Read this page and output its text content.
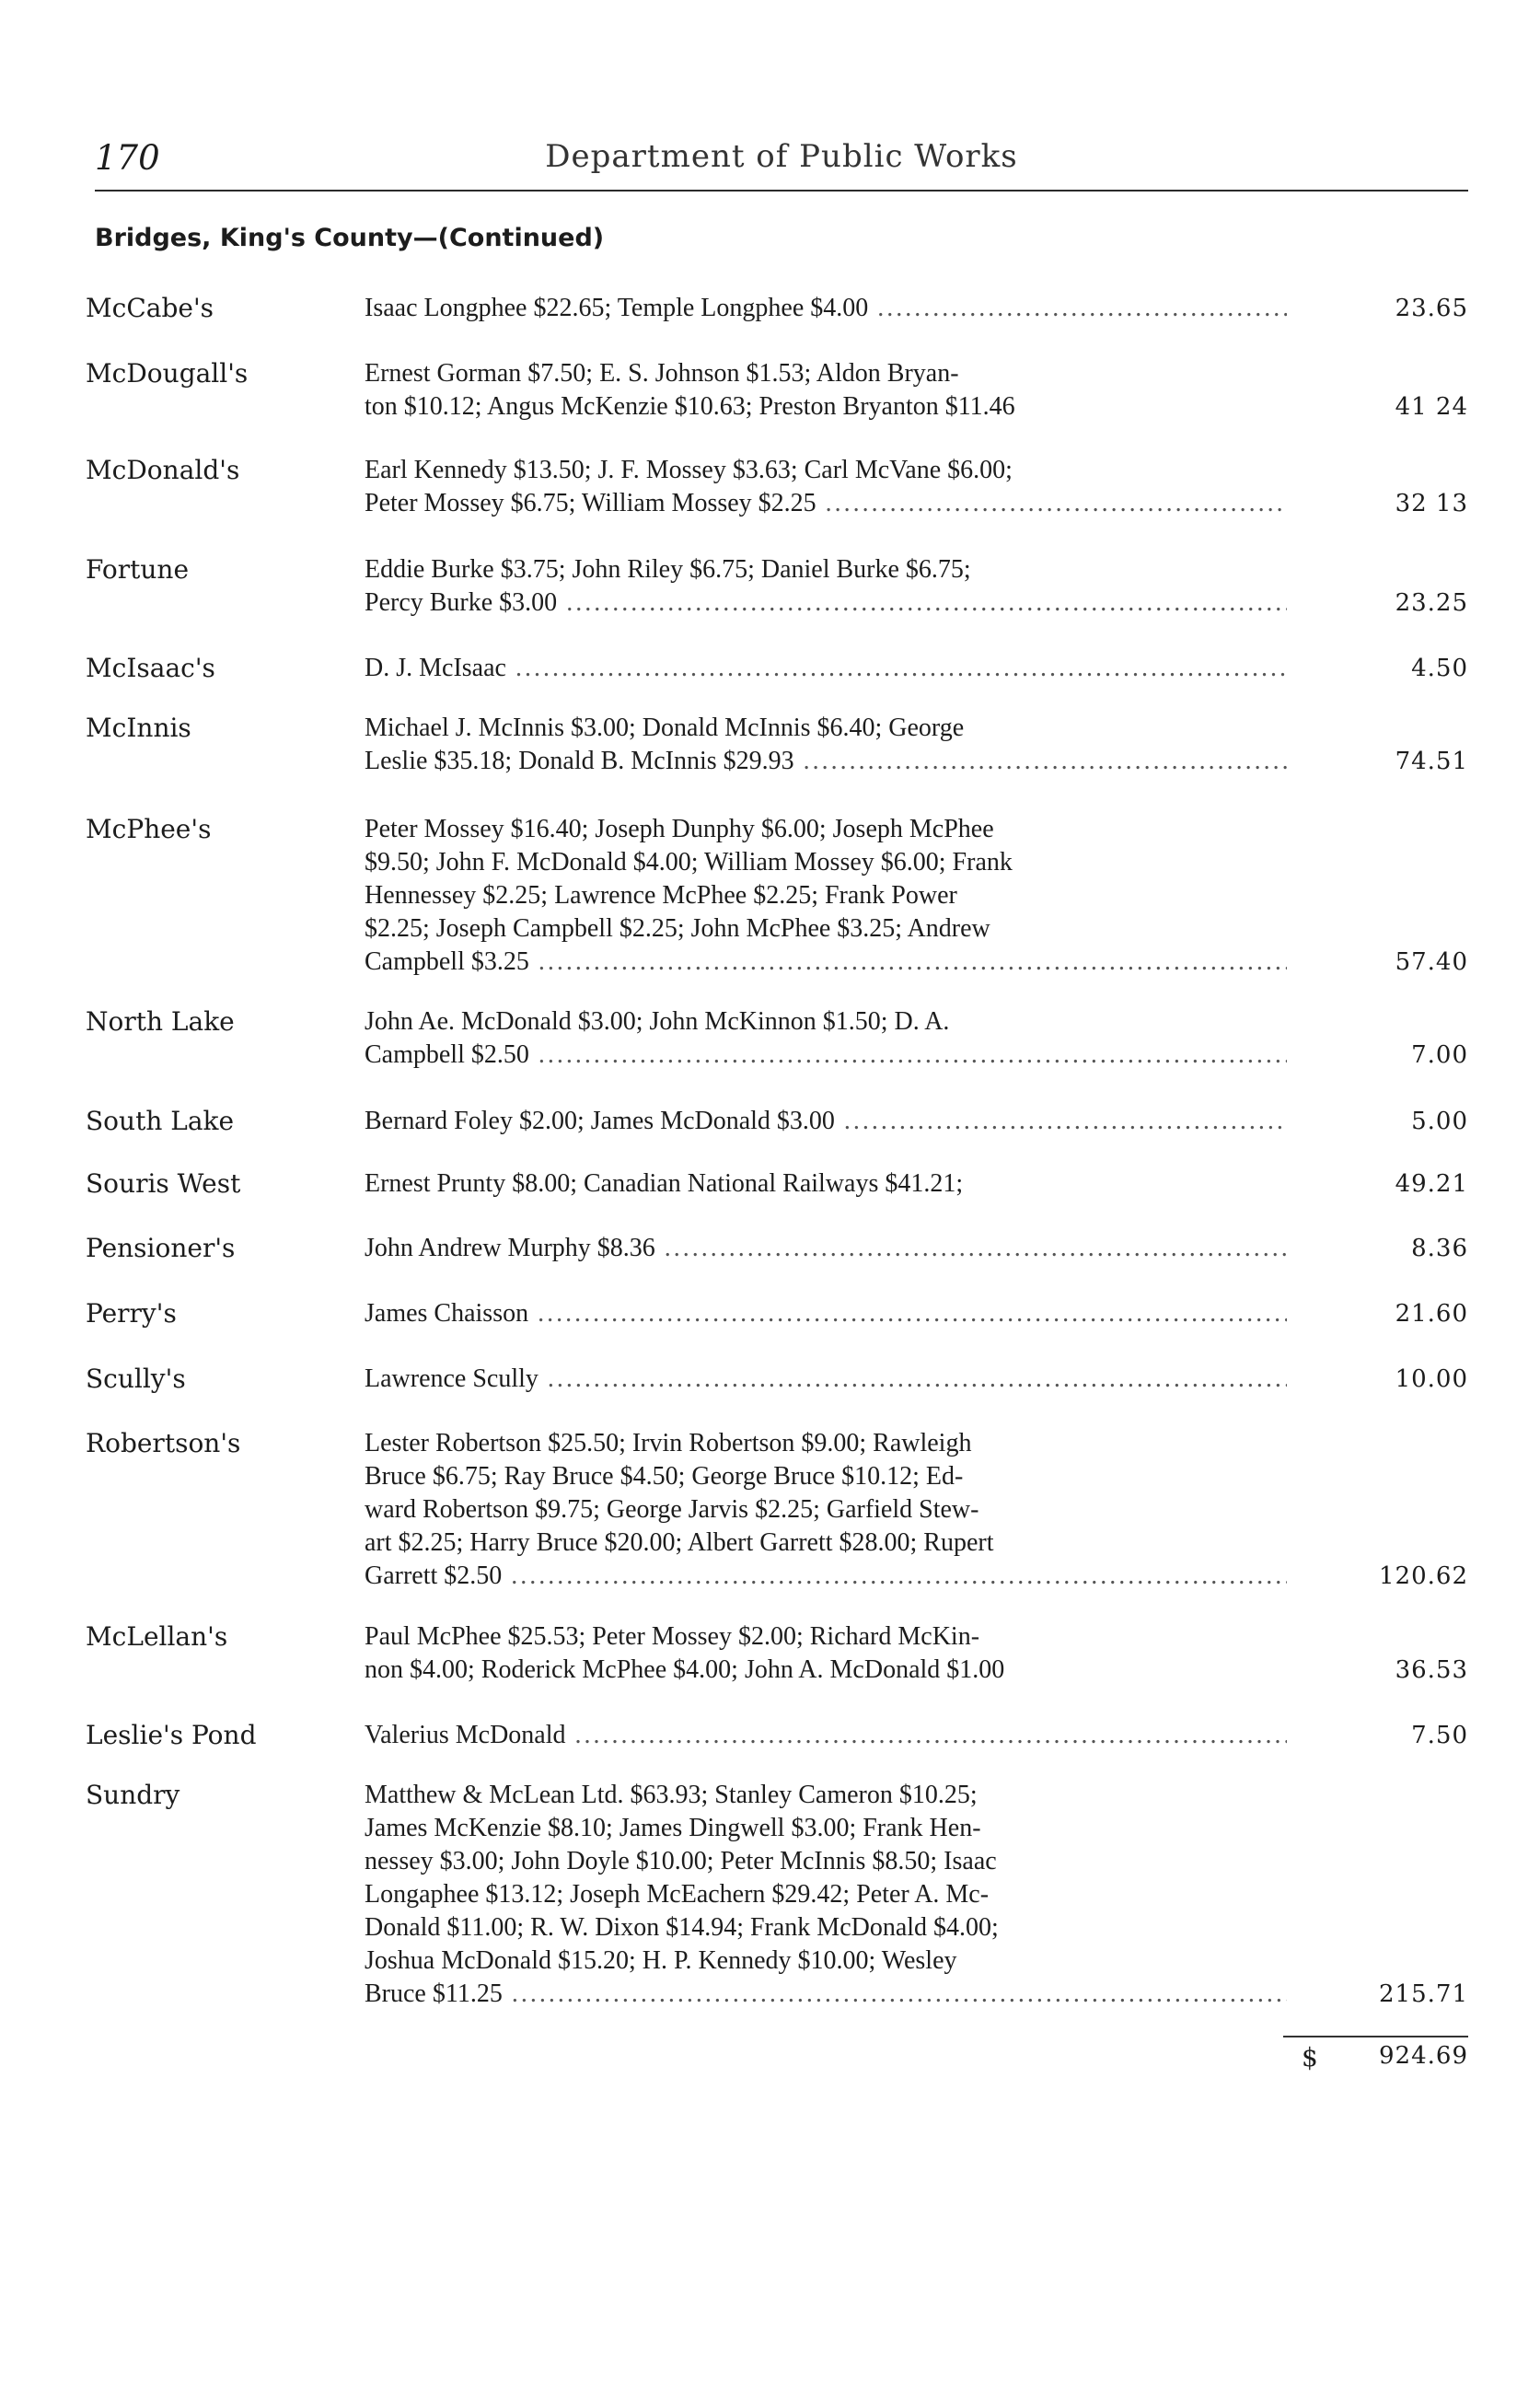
170	Department of Public Works
Bridges, King's County—(Continued)
McCabe's	Isaac Longphee $22.65; Temple Longphee $4.00 .....	23.65
McDougall's	Ernest Gorman $7.50; E. S. Johnson $1.53; Aldon Bryan-
ton $10.12; Angus McKenzie $10.63; Preston Bryanton $11.46	41 24
McDonald's	Earl Kennedy $13.50; J. F. Mossey $3.63; Carl McVane $6.00;
Peter Mossey $6.75; William Mossey $2.25 .....	32 13
Fortune	Eddie Burke $3.75; John Riley $6.75; Daniel Burke $6.75;
Percy Burke $3.00 .....	23.25
McIsaac's	D. J. McIsaac .....	4.50
McInnis	Michael J. McInnis $3.00; Donald McInnis $6.40; George
Leslie $35.18; Donald B. McInnis $29.93 .....	74.51
McPhee's	Peter Mossey $16.40; Joseph Dunphy $6.00; Joseph McPhee
$9.50; John F. McDonald $4.00; William Mossey $6.00; Frank
Hennessey $2.25; Lawrence McPhee $2.25; Frank Power
$2.25; Joseph Campbell $2.25; John McPhee $3.25; Andrew
Campbell $3.25 .....	57.40
North Lake	John Ae. McDonald $3.00; John McKinnon $1.50; D. A.
Campbell $2.50 .....	7.00
South Lake	Bernard Foley $2.00; James McDonald $3.00 .....	5.00
Souris West	Ernest Prunty $8.00; Canadian National Railways $41.21;	49.21
Pensioner's	John Andrew Murphy $8.36 .....	8.36
Perry's	James Chaisson .....	21.60
Scully's	Lawrence Scully .....	10.00
Robertson's	Lester Robertson $25.50; Irvin Robertson $9.00; Rawleigh
Bruce $6.75; Ray Bruce $4.50; George Bruce $10.12; Ed-
ward Robertson $9.75; George Jarvis $2.25; Garfield Stew-
art $2.25; Harry Bruce $20.00; Albert Garrett $28.00; Rupert
Garrett $2.50 .....	120.62
McLellan's	Paul McPhee $25.53; Peter Mossey $2.00; Richard McKin-
non $4.00; Roderick McPhee $4.00; John A. McDonald $1.00	36.53
Leslie's Pond	Valerius McDonald .....	7.50
Sundry	Matthew & McLean Ltd. $63.93; Stanley Cameron $10.25;
James McKenzie $8.10; James Dingwell $3.00; Frank Hen-
nessey $3.00; John Doyle $10.00; Peter McInnis $8.50; Isaac
Longaphee $13.12; Joseph McEachern $29.42; Peter A. Mc-
Donald $11.00; R. W. Dixon $14.94; Frank McDonald $4.00;
Joshua McDonald $15.20; H. P. Kennedy $10.00; Wesley
Bruce $11.25 .....	215.71
$	924.69
